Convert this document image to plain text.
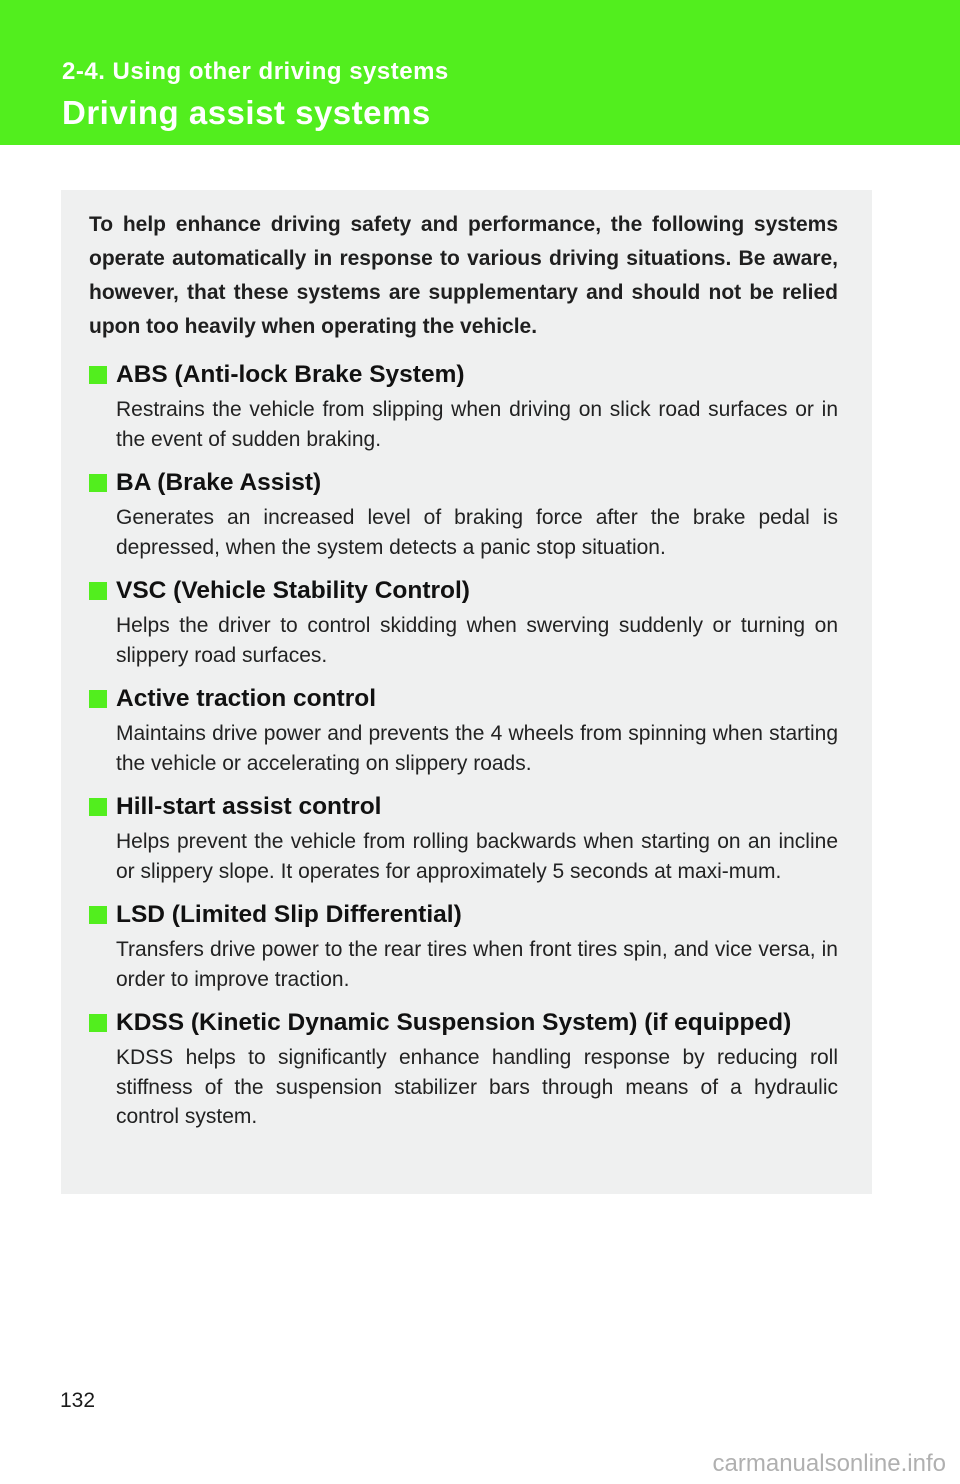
2-4. Using other driving systems
Driving assist systems

To help enhance driving safety and performance, the following systems operate automatically in response to various driving situations. Be aware, however, that these systems are supplementary and should not be relied upon too heavily when operating the vehicle.

ABS (Anti-lock Brake System)

Restrains the vehicle from slipping when driving on slick road surfaces or in the event of sudden braking.

BA (Brake Assist)

Generates an increased level of braking force after the brake pedal is depressed, when the system detects a panic stop situation.

VSC (Vehicle Stability Control)

Helps the driver to control skidding when swerving suddenly or turning on slippery road surfaces.

Active traction control

Maintains drive power and prevents the 4 wheels from spinning when starting the vehicle or accelerating on slippery roads.

Hill-start assist control

Helps prevent the vehicle from rolling backwards when starting on an incline or slippery slope. It operates for approximately 5 seconds at maxi-mum.

LSD (Limited Slip Differential)

Transfers drive power to the rear tires when front tires spin, and vice versa, in order to improve traction.

KDSS (Kinetic Dynamic Suspension System) (if equipped)

KDSS helps to significantly enhance handling response by reducing roll stiffness of the suspension stabilizer bars through means of a hydraulic control system.

132
carmanualsonline.info
